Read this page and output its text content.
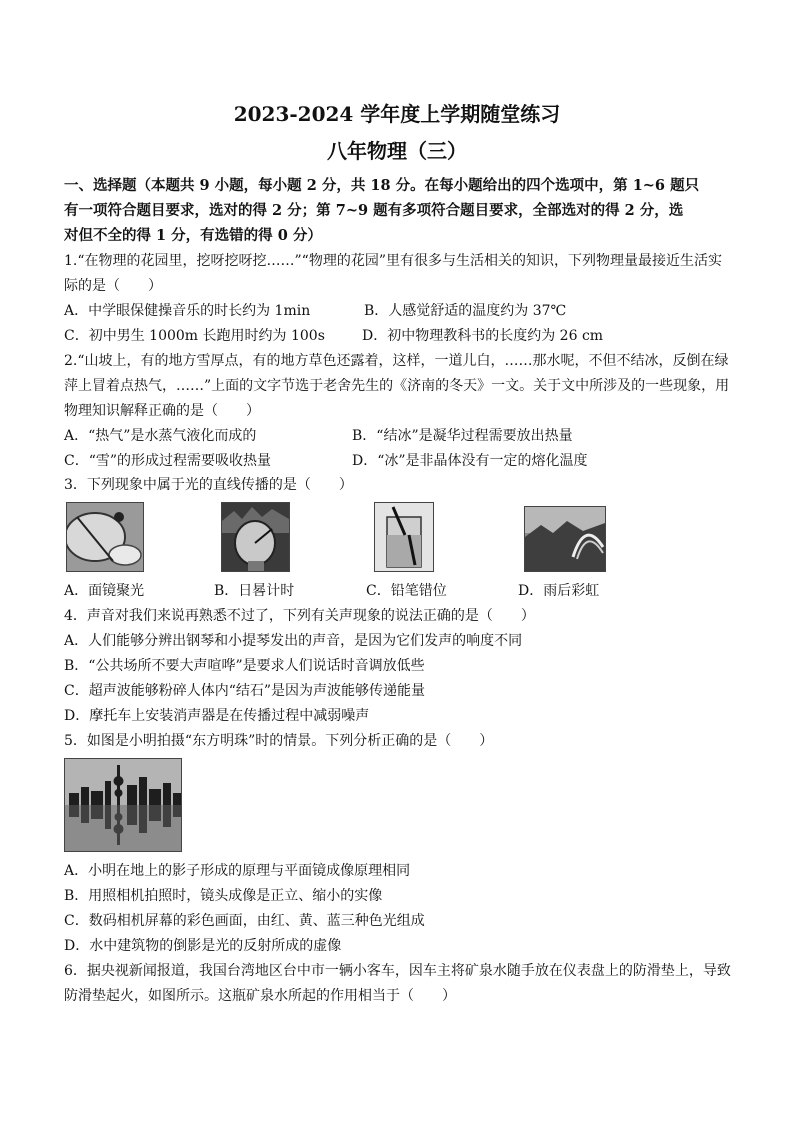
2023-2024 学年度上学期随堂练习
八年物理（三）
一、选择题（本题共 9 小题，每小题 2 分，共 18 分。在每小题给出的四个选项中，第 1~6 题只
有一项符合题目要求，选对的得 2 分；第 7~9 题有多项符合题目要求，全部选对的得 2 分，选
对但不全的得 1 分，有选错的得 0 分）
1.“在物理的花园里，挖呀挖呀挖……”“物理的花园”里有很多与生活相关的知识，下列物理量最接近生活实
际的是（　　）
A．中学眼保健操音乐的时长约为 1min	B．人感觉舒适的温度约为 37℃
C．初中男生 1000m 长跑用时约为 100s	D．初中物理教科书的长度约为 26 cm
2.“山坡上，有的地方雪厚点，有的地方草色还露着，这样，一道儿白，……那水呢，不但不结冰，反倒在绿
萍上冒着点热气，……”上面的文字节选于老舍先生的《济南的冬天》一文。关于文中所涉及的一些现象，用
物理知识解释正确的是（　　）
A．“热气”是水蒸气液化而成的	B．“结冰”是凝华过程需要放出热量
C．“雪”的形成过程需要吸收热量	D．“冰”是非晶体没有一定的熔化温度
3．下列现象中属于光的直线传播的是（　　）
A．面镜聚光	B．日晷计时	C．铅笔错位	D．雨后彩虹
4．声音对我们来说再熟悉不过了，下列有关声现象的说法正确的是（　　）
A．人们能够分辨出钢琴和小提琴发出的声音，是因为它们发声的响度不同
B．“公共场所不要大声喧哗”是要求人们说话时音调放低些
C．超声波能够粉碎人体内“结石”是因为声波能够传递能量
D．摩托车上安装消声器是在传播过程中减弱噪声
5．如图是小明拍摄“东方明珠”时的情景。下列分析正确的是（　　）
A．小明在地上的影子形成的原理与平面镜成像原理相同
B．用照相机拍照时，镜头成像是正立、缩小的实像
C．数码相机屏幕的彩色画面，由红、黄、蓝三种色光组成
D．水中建筑物的倒影是光的反射所成的虚像
6．据央视新闻报道，我国台湾地区台中市一辆小客车，因车主将矿泉水随手放在仪表盘上的防滑垫上，导致
防滑垫起火，如图所示。这瓶矿泉水所起的作用相当于（　　）
